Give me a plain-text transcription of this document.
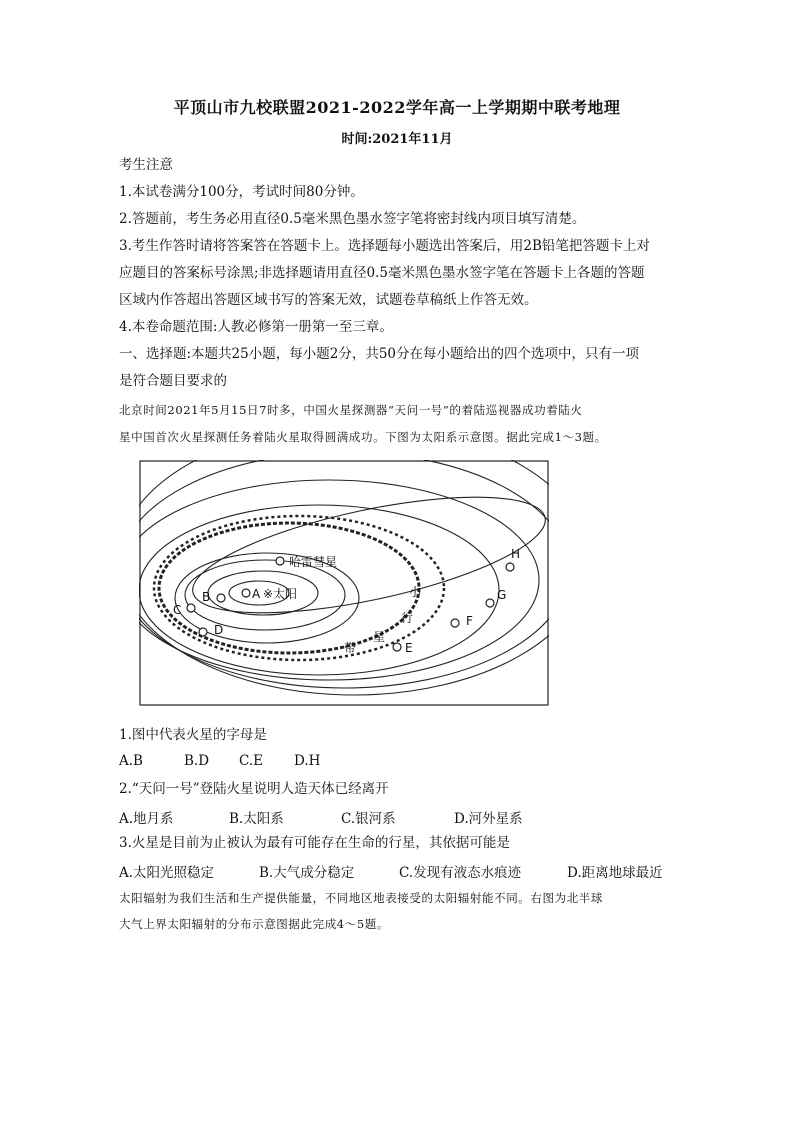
平顶山市九校联盟2021-2022学年高一上学期期中联考地理
时间:2021年11月
考生注意
1.本试卷满分100分，考试时间80分钟。
2.答题前，考生务必用直径0.5毫米黑色墨水签字笔将密封线内项目填写清楚。
3.考生作答时请将答案答在答题卡上。选择题每小题选出答案后，用2B铅笔把答题卡上对
应题目的答案标号涂黑;非选择题请用直径0.5毫米黑色墨水签字笔在答题卡上各题的答题
区域内作答超出答题区域书写的答案无效，试题卷草稿纸上作答无效。
4.本卷命题范围:人教必修第一册第一至三章。
一、选择题:本题共25小题，每小题2分，共50分在每小题给出的四个选项中，只有一项
是符合题目要求的
北京时间2021年5月15日7时多，中国火星探测器“天问一号”的着陆巡视器成功着陆火
星中国首次火星探测任务着陆火星取得圆满成功。下图为太阳系示意图。据此完成1～3题。
A ※太阳
哈雷彗星
B
C
D
E
F
G
H
小
行
星
带
1.图中代表火星的字母是
A.B	B.D C.E D.H
2.“天问一号”登陆火星说明人造天体已经离开
A.地月系	B.太阳系	C.银河系	D.河外星系
3.火星是目前为止被认为最有可能存在生命的行星，其依据可能是
A.太阳光照稳定	B.大气成分稳定	C.发现有液态水痕迹	D.距离地球最近
太阳辐射为我们生活和生产提供能量，不同地区地表接受的太阳辐射能不同。右图为北半球
大气上界太阳辐射的分布示意图据此完成4～5题。
